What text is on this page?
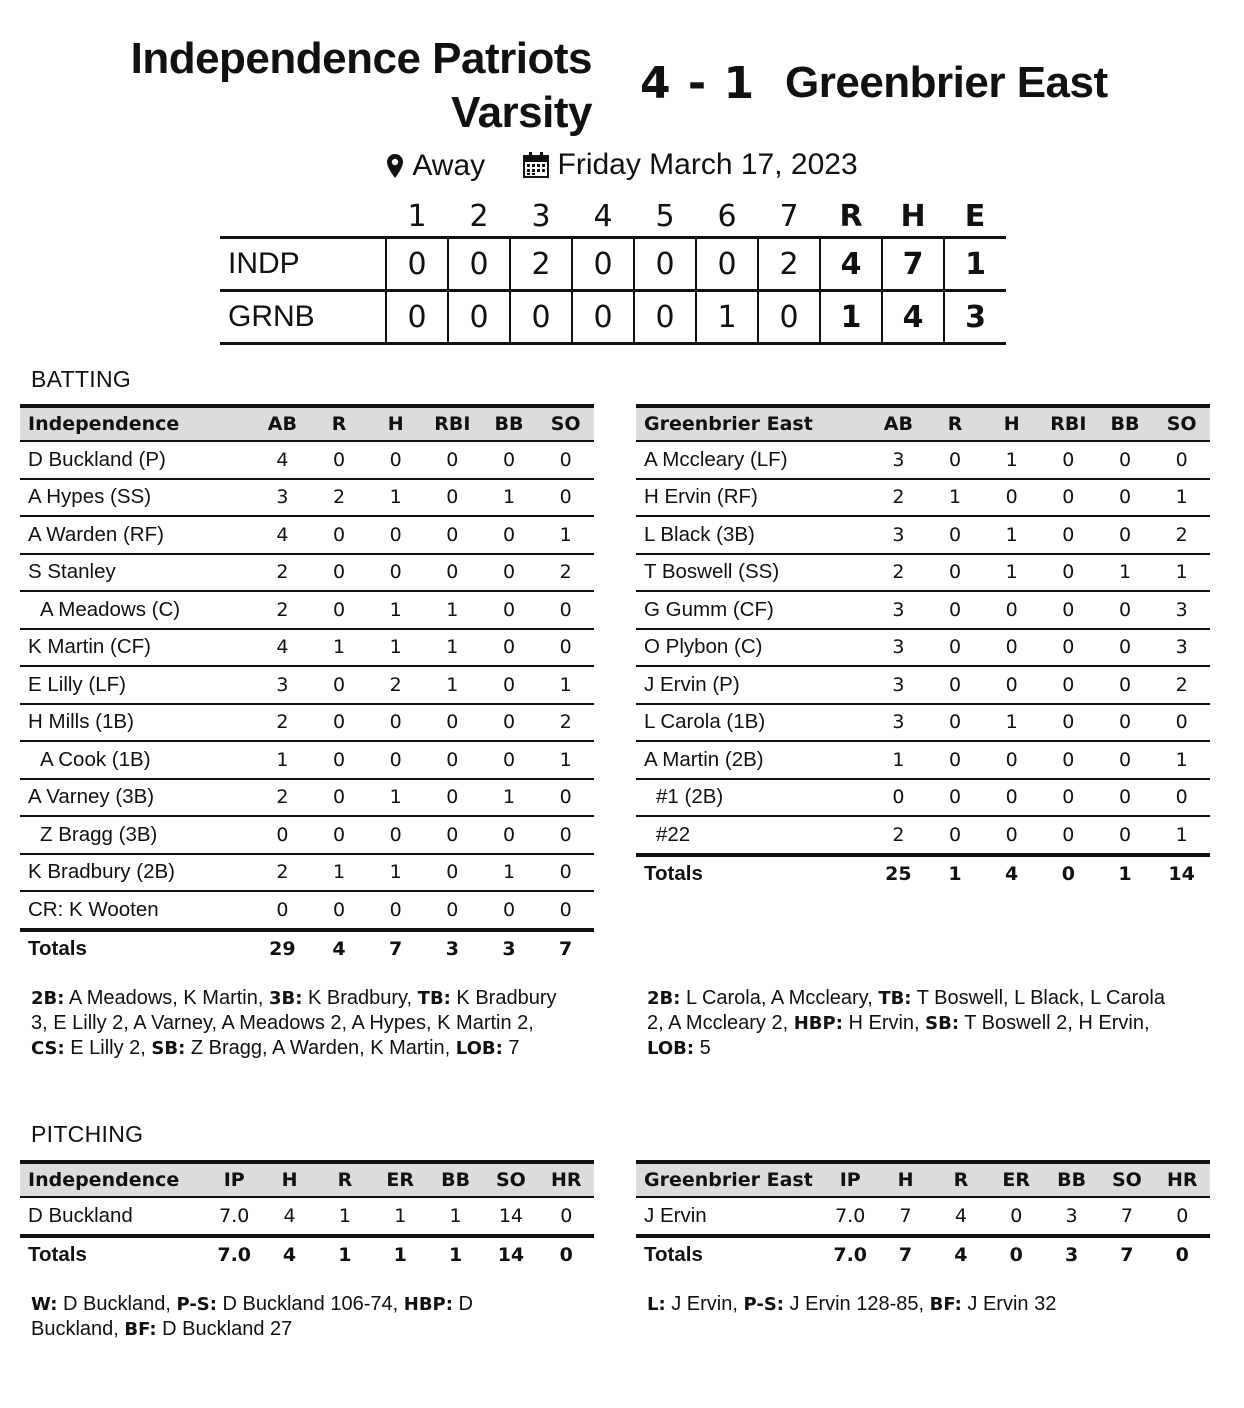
Independence Patriots
Varsity
4 - 1 Greenbrier East
Away
Friday March 17, 2023
	1	2	3	4	5	6	7	R	H	E
INDP	0	0	2	0	0	0	2	4	7	1
GRNB	0	0	0	0	0	1	0	1	4	3
BATTING
Independence	AB	R	H	RBI	BB	SO
D Buckland (P)	4	0	0	0	0	0
A Hypes (SS)	3	2	1	0	1	0
A Warden (RF)	4	0	0	0	0	1
S Stanley	2	0	0	0	0	2
A Meadows (C)	2	0	1	1	0	0
K Martin (CF)	4	1	1	1	0	0
E Lilly (LF)	3	0	2	1	0	1
H Mills (1B)	2	0	0	0	0	2
A Cook (1B)	1	0	0	0	0	1
A Varney (3B)	2	0	1	0	1	0
Z Bragg (3B)	0	0	0	0	0	0
K Bradbury (2B)	2	1	1	0	1	0
CR: K Wooten	0	0	0	0	0	0
Totals	29	4	7	3	3	7
Greenbrier East	AB	R	H	RBI	BB	SO
A Mccleary (LF)	3	0	1	0	0	0
H Ervin (RF)	2	1	0	0	0	1
L Black (3B)	3	0	1	0	0	2
T Boswell (SS)	2	0	1	0	1	1
G Gumm (CF)	3	0	0	0	0	3
O Plybon (C)	3	0	0	0	0	3
J Ervin (P)	3	0	0	0	0	2
L Carola (1B)	3	0	1	0	0	0
A Martin (2B)	1	0	0	0	0	1
#1 (2B)	0	0	0	0	0	0
#22	2	0	0	0	0	1
Totals	25	1	4	0	1	14
2B: A Meadows, K Martin, 3B: K Bradbury, TB: K Bradbury 3, E Lilly 2, A Varney, A Meadows 2, A Hypes, K Martin 2, CS: E Lilly 2, SB: Z Bragg, A Warden, K Martin, LOB: 7
2B: L Carola, A Mccleary, TB: T Boswell, L Black, L Carola 2, A Mccleary 2, HBP: H Ervin, SB: T Boswell 2, H Ervin, LOB: 5
PITCHING
Independence	IP	H	R	ER	BB	SO	HR
D Buckland	7.0	4	1	1	1	14	0
Totals	7.0	4	1	1	1	14	0
Greenbrier East	IP	H	R	ER	BB	SO	HR
J Ervin	7.0	7	4	0	3	7	0
Totals	7.0	7	4	0	3	7	0
W: D Buckland, P-S: D Buckland 106-74, HBP: D Buckland, BF: D Buckland 27
L: J Ervin, P-S: J Ervin 128-85, BF: J Ervin 32
